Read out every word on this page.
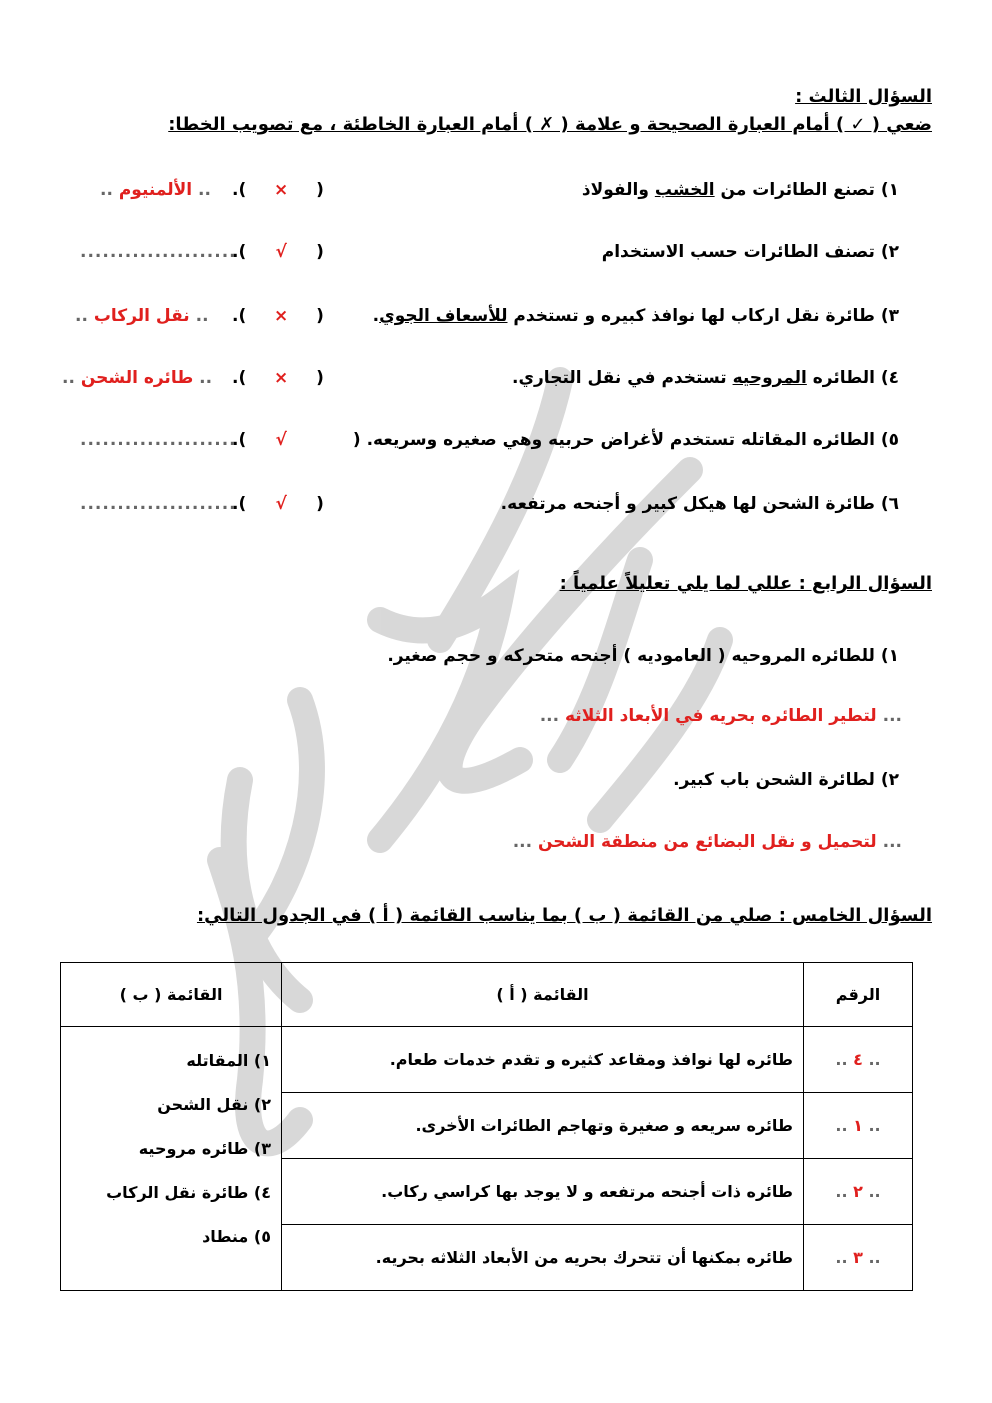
السؤال الثالث :
ضعي ( ✓ ) أمام العبارة الصحيحة و علامة ( ✗ ) أمام العبارة الخاطئة ، مع تصويب الخطا:
١) تصنع الطائرات من الخشب والفولاذ
( × ).
.. الألمنيوم ..
٢) تصنف الطائرات حسب الاستخدام
( √ ).
.....................
٣) طائرة نقل اركاب لها نوافذ كبيره و تستخدم للأسعاف الجوي.
( × ).
.. نقل الركاب ..
٤) الطائره المروحيه تستخدم في نقل التجاري.
( × ).
.. طائره الشحن ..
٥) الطائره المقاتله تستخدم لأغراض حربيه وهي صغيره وسريعه. (
√ ).
.....................
٦) طائرة الشحن لها هيكل كبير و أجنحه مرتفعه.
( √ ).
.....................
السؤال الرابع : عللي لما يلي تعليلاً علمياً :
١) للطائره المروحيه ( العاموديه ) أجنحه متحركه و حجم صغير.
... لتطير الطائره بحريه في الأبعاد الثلاثه ...
٢) لطائرة الشحن باب كبير.
... لتحميل و نقل البضائع من منطقة الشحن ...
السؤال الخامس : صلي من القائمة ( ب ) بما يناسب القائمة ( أ ) في الجدول التالي:
الرقم	القائمة ( أ )	القائمة ( ب )
.. ٤ ..	طائره لها نوافذ ومقاعد كثيره و تقدم خدمات طعام.	١) المقاتله
٢) نقل الشحن
٣) طائره مروحيه
٤) طائرة نقل الركاب
٥) منطاد

.. ١ ..	طائره سريعه و صغيرة وتهاجم الطائرات الأخرى.	
.. ٢ ..	طائره ذات أجنحه مرتفعه و لا يوجد بها كراسي ركاب.	
.. ٣ ..	طائره بمكنها أن تتحرك بحريه من الأبعاد الثلاثه بحريه.	
